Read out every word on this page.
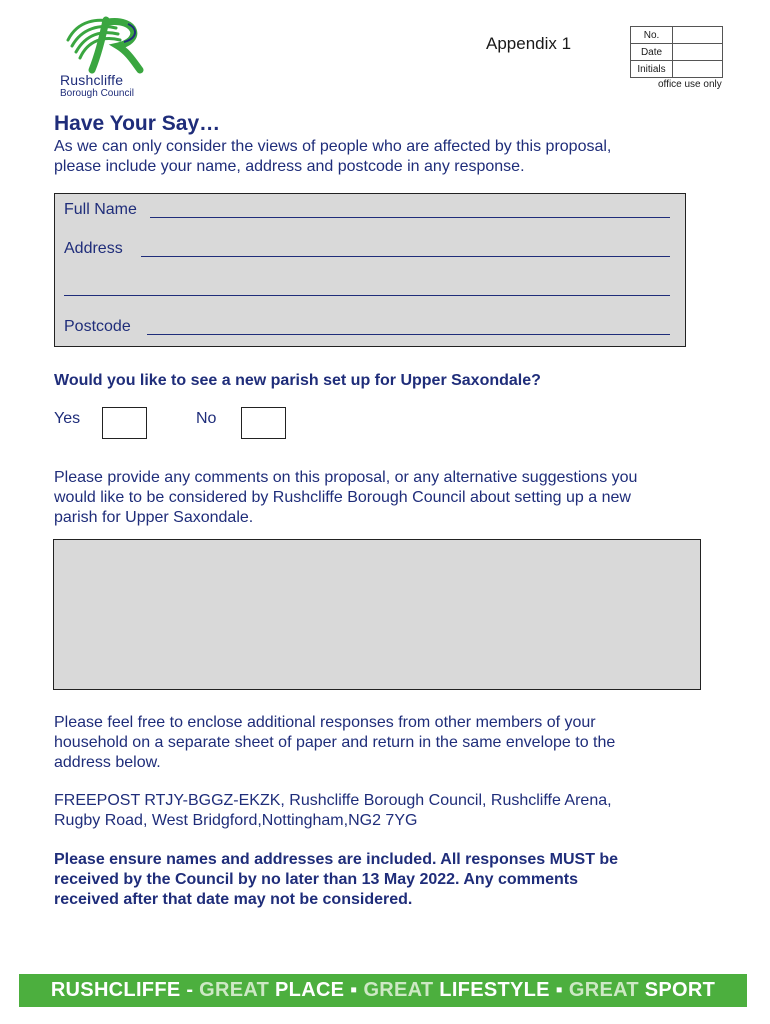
Rushcliffe
Borough Council
Appendix 1	No.	
Date	
Initials	
office use only
Have Your Say…
As we can only consider the views of people who are affected by this proposal,
please include your name, address and postcode in any response.
Full Name
Address
Postcode
Would you like to see a new parish set up for Upper Saxondale?
Yes	No
Please provide any comments on this proposal, or any alternative suggestions you
would like to be considered by Rushcliffe Borough Council about setting up a new
parish for Upper Saxondale.
Please feel free to enclose additional responses from other members of your
household on a separate sheet of paper and return in the same envelope to the
address below.
FREEPOST RTJY-BGGZ-EKZK, Rushcliffe Borough Council, Rushcliffe Arena,
Rugby Road, West Bridgford,Nottingham,NG2 7YG
Please ensure names and addresses are included. All responses MUST be
received by the Council by no later than 13 May 2022. Any comments
received after that date may not be considered.
RUSHCLIFFE - GREAT PLACE ▪ GREAT LIFESTYLE ▪ GREAT SPORT
